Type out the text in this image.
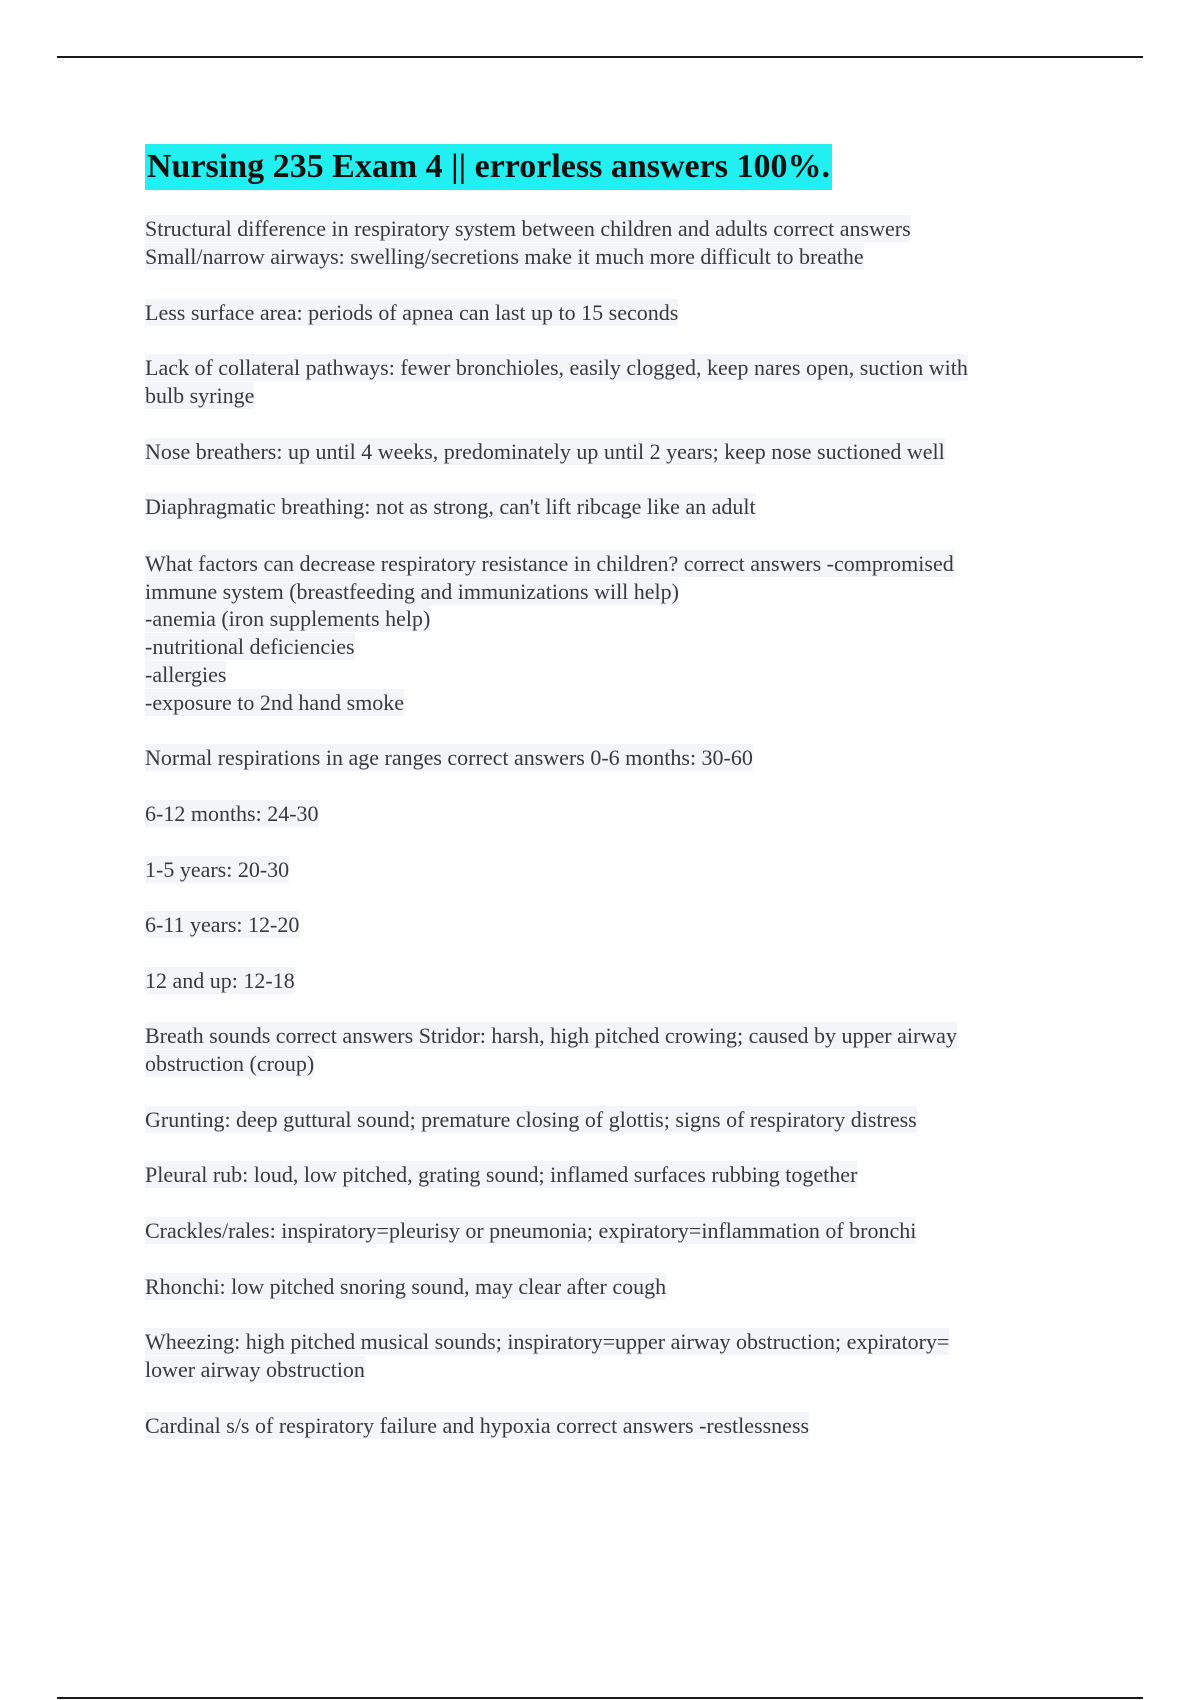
Nursing 235 Exam 4 || errorless answers 100%.

Structural difference in respiratory system between children and adults correct answers

Small/narrow airways: swelling/secretions make it much more difficult to breathe

Less surface area: periods of apnea can last up to 15 seconds

Lack of collateral pathways: fewer bronchioles, easily clogged, keep nares open, suction with

bulb syringe

Nose breathers: up until 4 weeks, predominately up until 2 years; keep nose suctioned well

Diaphragmatic breathing: not as strong, can't lift ribcage like an adult

What factors can decrease respiratory resistance in children? correct answers -compromised

immune system (breastfeeding and immunizations will help)

-anemia (iron supplements help)

-nutritional deficiencies

-allergies

-exposure to 2nd hand smoke

Normal respirations in age ranges correct answers 0-6 months: 30-60

6-12 months: 24-30

1-5 years: 20-30

6-11 years: 12-20

12 and up: 12-18

Breath sounds correct answers Stridor: harsh, high pitched crowing; caused by upper airway

obstruction (croup)

Grunting: deep guttural sound; premature closing of glottis; signs of respiratory distress

Pleural rub: loud, low pitched, grating sound; inflamed surfaces rubbing together

Crackles/rales: inspiratory=pleurisy or pneumonia; expiratory=inflammation of bronchi

Rhonchi: low pitched snoring sound, may clear after cough

Wheezing: high pitched musical sounds; inspiratory=upper airway obstruction; expiratory=

lower airway obstruction

Cardinal s/s of respiratory failure and hypoxia correct answers -restlessness
